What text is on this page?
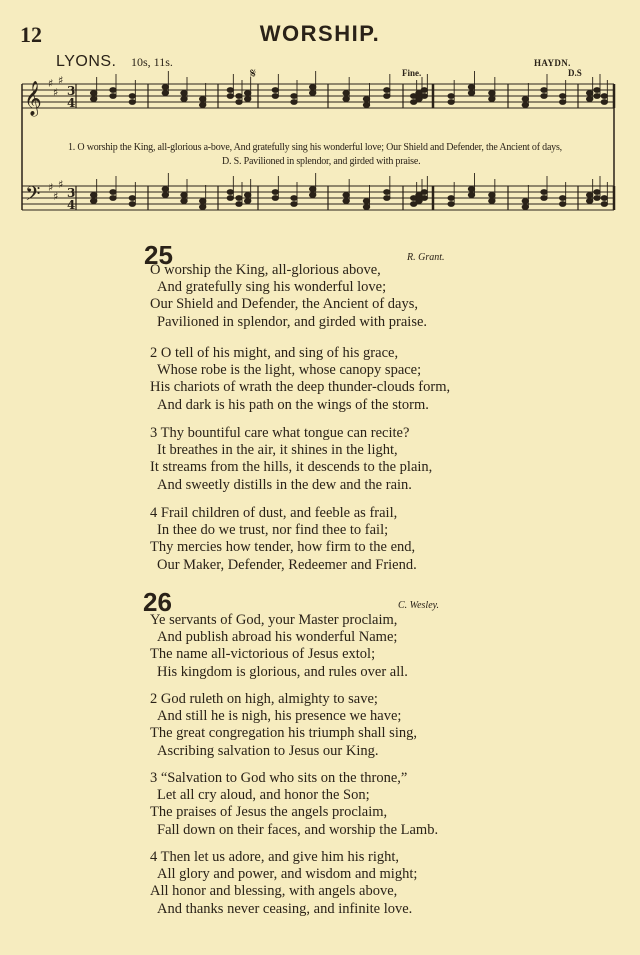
12	WORSHIP.
LYONS. 10s, 11s.	HAYDN.
𝄞
𝄢
♯
♯
♯
♯
♯
♯
3
4
3
4
𝄋	Fine.	D.S
1. O worship the King, all-glorious a-bove, And gratefully sing his wonderful love; Our Shield and Defender, the Ancient of days,
D. S. Pavilioned in splendor, and girded with praise.
25	R. Grant.

O worship the King, all-glorious above,

And gratefully sing his wonderful love;

Our Shield and Defender, the Ancient of days,

Pavilioned in splendor, and girded with praise.

2 O tell of his might, and sing of his grace,

Whose robe is the light, whose canopy space;

His chariots of wrath the deep thunder-clouds form,

And dark is his path on the wings of the storm.

3 Thy bountiful care what tongue can recite?

It breathes in the air, it shines in the light,

It streams from the hills, it descends to the plain,

And sweetly distills in the dew and the rain.

4 Frail children of dust, and feeble as frail,

In thee do we trust, nor find thee to fail;

Thy mercies how tender, how firm to the end,

Our Maker, Defender, Redeemer and Friend.

26	C. Wesley.

Ye servants of God, your Master proclaim,

And publish abroad his wonderful Name;

The name all-victorious of Jesus extol;

His kingdom is glorious, and rules over all.

2 God ruleth on high, almighty to save;

And still he is nigh, his presence we have;

The great congregation his triumph shall sing,

Ascribing salvation to Jesus our King.

3 “Salvation to God who sits on the throne,”

Let all cry aloud, and honor the Son;

The praises of Jesus the angels proclaim,

Fall down on their faces, and worship the Lamb.

4 Then let us adore, and give him his right,

All glory and power, and wisdom and might;

All honor and blessing, with angels above,

And thanks never ceasing, and infinite love.
